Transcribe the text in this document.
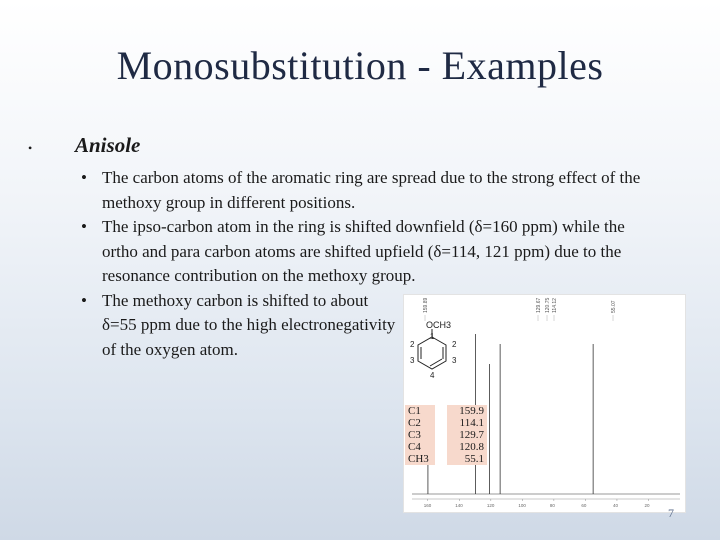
Monosubstitution - Examples
• Anisole
• The carbon atoms of the aromatic ring are spread due to the strong effect of the methoxy group in different positions.
• The ipso-carbon atom in the ring is shifted downfield (δ=160 ppm) while the ortho and para carbon atoms are shifted upfield (δ=114, 121 ppm) due to the resonance contribution on the methoxy group.
• The methoxy carbon is shifted to about δ=55 ppm due to the high electronegativity of the oxygen atom.
159.89	129.67 120.75 114.12	55.07
OCH3
1
2	2
3	3
4
160	140	120	100	80	60	40	20
C1		159.9
C2		114.1
C3		129.7
C4		120.8
CH3		55.1
7
